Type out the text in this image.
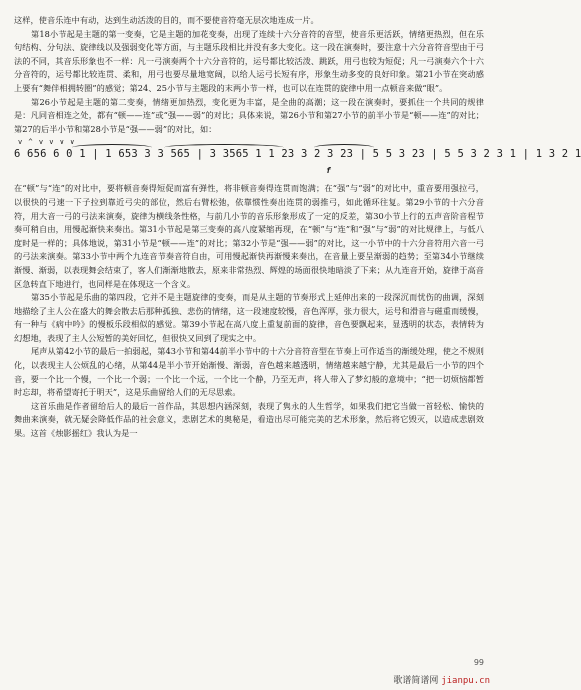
这样，使音乐连中有动，达到生动活泼的目的，而不要使音符毫无层次地连成一片。

第18小节起是主题的第一变奏，它是主题的加花变奏，出现了连续十六分音符的音型，使音乐更活跃，情绪更热烈，但在乐句结构、分句法、旋律线以及强弱变化等方面，与主题乐段相比并没有多大变化。这一段在演奏时，要注意十六分音符音型由于弓法的不同，其音乐形象也不一样：凡一弓演奏两个十六分音符的，运号都比较活泼、跳跃，用弓也较为短促；凡一弓演奏六个十六分音符的，运号都比较连贯、柔和，用弓也要尽量地宽阔，以给人运弓长短有序，形象生动多变的良好印象。第21小节在突动感上要有“舞伴相拥转圈”的感觉；第24、25小节与主题段的末两小节一样，也可以在连贯的旋律中用一点顿音来做“眼”。

第26小节起是主题的第二变奏，情绪更加热烈，变化更为丰富，是全曲的高潮；这一段在演奏时，要抓住一个共同的规律是：凡同音相连之处，都有“顿——连”或“强——弱”的对比；具体来说，第26小节和第27小节的前半小节是“顿——连”的对比；第27的后半小节和第28小节是“强——弱”的对比，如：

v ^ v v ∨ ∨
6 656 6 0 1 | 1 653 3 3 565 | 3 3565 1 1 23 3 2 3 23 | 5 5 3 23 | 5 5 3 2 3 1 | 1 3 2 1
f

在“顿”与“连”的对比中，要将顿音奏得短促而富有弹性，将非顿音奏得连贯而饱满；在“强”与“弱”的对比中，重音要用强拉弓，以很快的弓速一下子拉到靠近弓尖的部位，然后右臂松弛，依靠惯性奏出连贯的弱推弓，如此循环往复。第29小节的十六分音符，用大音一弓的弓法来演奏，旋律为横线条性格，与前几小节的音乐形象形成了一定的反差，第30小节上行的五声音阶音程节奏可稍自由，用慢起渐快来奏出。第31小节起是第三变奏的高八度紧缩再现，在“顿”与“连”和“强”与“弱”的对比规律上，与低八度时是一样的；具体地说，第31小节是“顿——连”的对比；第32小节是“强——弱”的对比，这一小节中的十六分音符用六音一弓的弓法来演奏。第33小节中两个九连音节奏音符自由，可用慢起渐快再渐慢来奏出，在音量上要呈渐弱的趋势；至第34小节继续渐慢、渐弱，以表现舞会结束了，客人们渐渐地散去，原来非常热烈、辉煌的场面很快地暗淡了下来；从九连音开始，旋律于高音区急转直下地进行，也同样是在体现这一个含义。

第35小节起是乐曲的第四段，它并不是主题旋律的变奏，而是从主题的节奏形式上延伸出来的一段深沉而忧伤的曲调，深刻地描绘了主人公在盛大的舞会散去后那种孤独、悲伤的情绪，这一段速度较慢，音色浑厚，张力很大，运号和滑音与磁重而缓慢，有一种与《病中吟》的慢板乐段相似的感觉。第39小节起在高八度上重复前面的旋律，音色要飘起来，显透明的状态，表情转为幻想地，表现了主人公短暂的美好回忆，但很快又回到了现实之中。

尾声从第42小节的最后一拍弱起，第43小节和第44前半小节中的十六分音符音型在节奏上可作适当的渐缓处理，使之不规则化，以表现主人公烦乱的心绪，从第44是半小节开始渐慢、渐弱，音色越来越透明，情绪越来越宁静，尤其是最后一小节的四个音，要一个比一个慢，一个比一个弱；一个比一个远，一个比一个静，乃至无声，将人带入了梦幻般的意境中；“把一切烦恼都暂时忘却，将希望寄托于明天”，这是乐曲留给人们的无尽思索。

这首乐曲是作者留给后人的最后一首作品，其思想内涵深刻，表现了隽永的人生哲学，如果我们把它当做一首轻松、愉快的舞曲来演奏，就无疑会降低作品的社会意义，悲剧艺术的奥秘是，看造出尽可能完美的艺术形象，然后将它毁灭，以造成悲剧效果。这首《烛影摇红》我认为是一

99
歌谱简谱网 jianpu.cn
